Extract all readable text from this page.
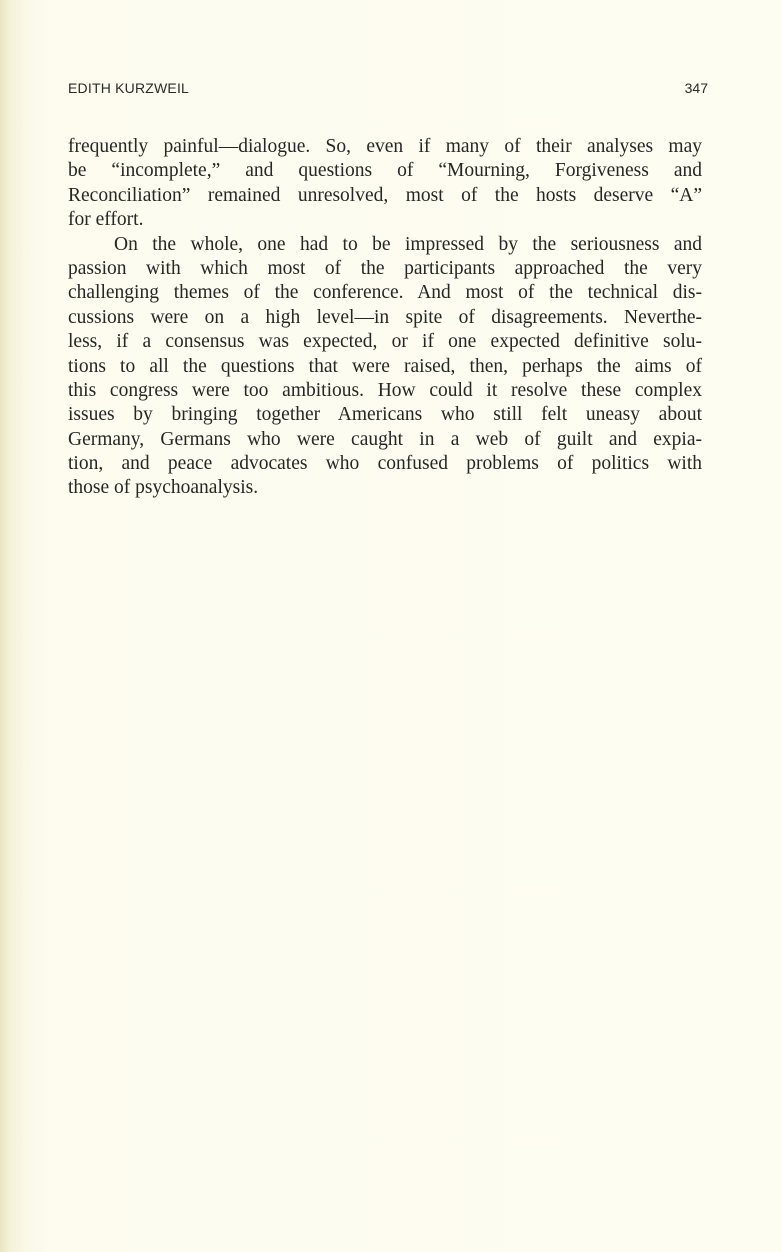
EDITH KURZWEIL	347
frequently painful—dialogue. So, even if many of their analyses may
be “incomplete,” and questions of “Mourning, Forgiveness and
Reconciliation” remained unresolved, most of the hosts deserve “A”
for effort.
On the whole, one had to be impressed by the seriousness and
passion with which most of the participants approached the very
challenging themes of the conference. And most of the technical dis-
cussions were on a high level—in spite of disagreements. Neverthe-
less, if a consensus was expected, or if one expected definitive solu-
tions to all the questions that were raised, then, perhaps the aims of
this congress were too ambitious. How could it resolve these complex
issues by bringing together Americans who still felt uneasy about
Germany, Germans who were caught in a web of guilt and expia-
tion, and peace advocates who confused problems of politics with
those of psychoanalysis.
